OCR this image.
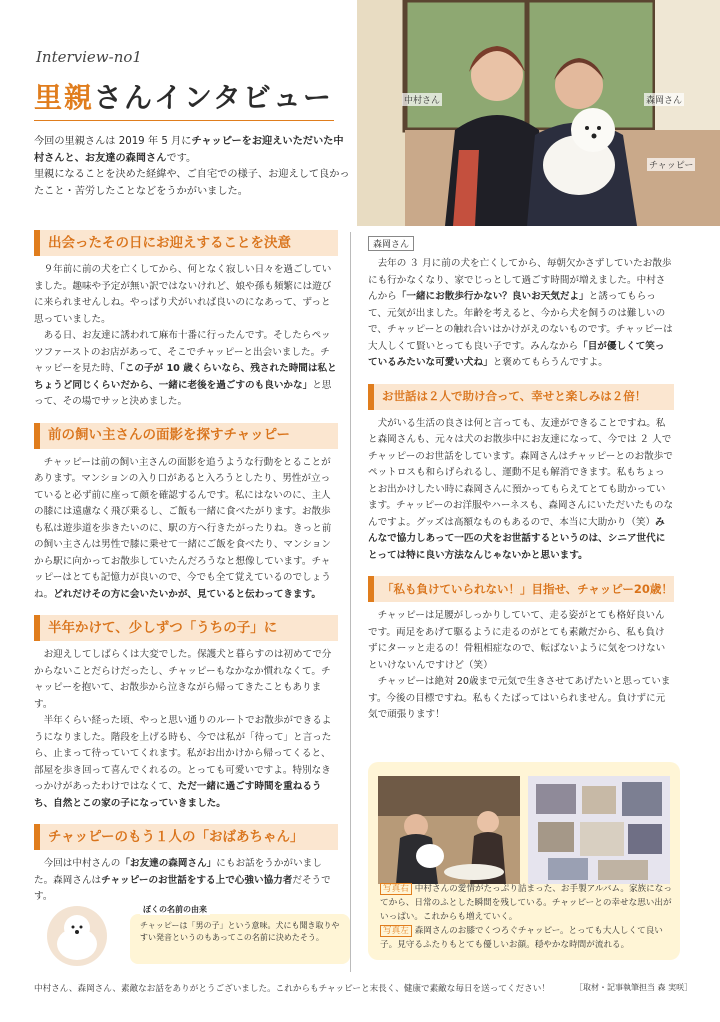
Interview-no1
里親さんインタビュー
今回の里親さんは 2019 年 5 月にチャッピーをお迎えいただいた中村さんと、お友達の森岡さんです。
里親になることを決めた経緯や、ご自宅での様子、お迎えして良かったこと・苦労したことなどをうかがいました。
中村さん	森岡さん
チャッピー
出会ったその日にお迎えすることを決意

９年前に前の犬を亡くしてから、何となく寂しい日々を過ごしていました。趣味や予定が無い訳ではないけれど、娘や孫も頻繁には遊びに来られませんしね。やっぱり犬がいれば良いのになあって、ずっと思っていました。

ある日、お友達に誘われて麻布十番に行ったんです。そしたらペッツファーストのお店があって、そこでチャッピーと出会いました。チャッピーを見た時、「この子が 10 歳くらいなら、残された時間は私とちょうど同じくらいだから、一緒に老後を過ごすのも良いかな」と思って、その場でサッと決めました。

前の飼い主さんの面影を探すチャッピー

チャッピーは前の飼い主さんの面影を追うような行動をとることがあります。マンションの入り口があると入ろうとしたり、男性が立っていると必ず前に座って顔を確認するんです。私にはないのに、主人の膝には遠慮なく飛び乗るし、ご飯も一緒に食べたがります。お散歩も私は遊歩道を歩きたいのに、駅の方へ行きたがったりね。きっと前の飼い主さんは男性で膝に乗せて一緒にご飯を食べたり、マンションから駅に向かってお散歩していたんだろうなと想像しています。チャッピーはとても記憶力が良いので、今でも全て覚えているのでしょうね。どれだけその方に会いたいかが、見ていると伝わってきます。

半年かけて、少しずつ「うちの子」に

お迎えしてしばらくは大変でした。保護犬と暮らすのは初めてで分からないことだらけだったし、チャッピーもなかなか慣れなくて。チャッピーを抱いて、お散歩から泣きながら帰ってきたこともあります。

半年くらい経った頃、やっと思い通りのルートでお散歩ができるようになりました。階段を上げる時も、今では私が「待って」と言ったら、止まって待っていてくれます。私がお出かけから帰ってくると、部屋を歩き回って喜んでくれるの。とっても可愛いですよ。特別なきっかけがあったわけではなくて、ただ一緒に過ごす時間を重ねるうち、自然とこの家の子になっていきました。

チャッピーのもう１人の「おばあちゃん」

今回は中村さんの「お友達の森岡さん」にもお話をうかがいました。森岡さんはチャッピーのお世話をする上で心強い協力者だそうです。

ぼくの名前の由来
チャッピーは「男の子」という意味。犬にも聞き取りやすい発音というのもあってこの名前に決めたそう。
森岡さん

去年の ３ 月に前の犬を亡くしてから、毎朝欠かさずしていたお散歩にも行かなくなり、家でじっとして過ごす時間が増えました。中村さんから「一緒にお散歩行かない？良いお天気だよ」と誘ってもらって、元気が出ました。年齢を考えると、今から犬を飼うのは難しいので、チャッピーとの触れ合いはかけがえのないものです。チャッピーは大人しくて賢いとっても良い子です。みんなから「目が優しくて笑っているみたいな可愛い犬ね」と褒めてもらうんですよ。

お世話は２人で助け合って、幸せと楽しみは２倍！

犬がいる生活の良さは何と言っても、友達ができることですね。私と森岡さんも、元々は犬のお散歩中にお友達になって、今では ２ 人でチャッピーのお世話をしています。森岡さんはチャッピーとのお散歩でペットロスも和らげられるし、運動不足も解消できます。私もちょっとお出かけしたい時に森岡さんに預かってもらえてとても助かっています。チャッピーのお洋服やハーネスも、森岡さんにいただいたものなんですよ。グッズは高額なものもあるので、本当に大助かり（笑）みんなで協力しあって一匹の犬をお世話するというのは、シニア世代にとっては特に良い方法なんじゃないかと思います。

「私も負けていられない！」目指せ、チャッピー20歳！

チャッピーは足腰がしっかりしていて、走る姿がとても格好良いんです。両足をあげて駆るように走るのがとても素敵だから、私も負けずにターッと走るの！骨粗相症なので、転ばないように気をつけないといけないんですけど（笑）

チャッピーは絶対 20歳まで元気で生きさせてあげたいと思っています。今後の目標ですね。私もくたばってはいられません。負けずに元気で頑張ります！

写真右 中村さんの愛情がたっぷり詰まった、お手製アルバム。家族になってから、日常のふとした瞬間を残している。チャッピーとの幸せな思い出がいっぱい。これからも増えていく。
写真左 森岡さんのお膝でくつろぐチャッピー。とっても大人しくて良い子。見守るふたりもとても優しいお顔。穏やかな時間が流れる。
中村さん、森岡さん、素敵なお話をありがとうございました。これからもチャッピーと末長く、健康で素敵な毎日を送ってください！	［取材・記事執筆担当 森 実咲］
